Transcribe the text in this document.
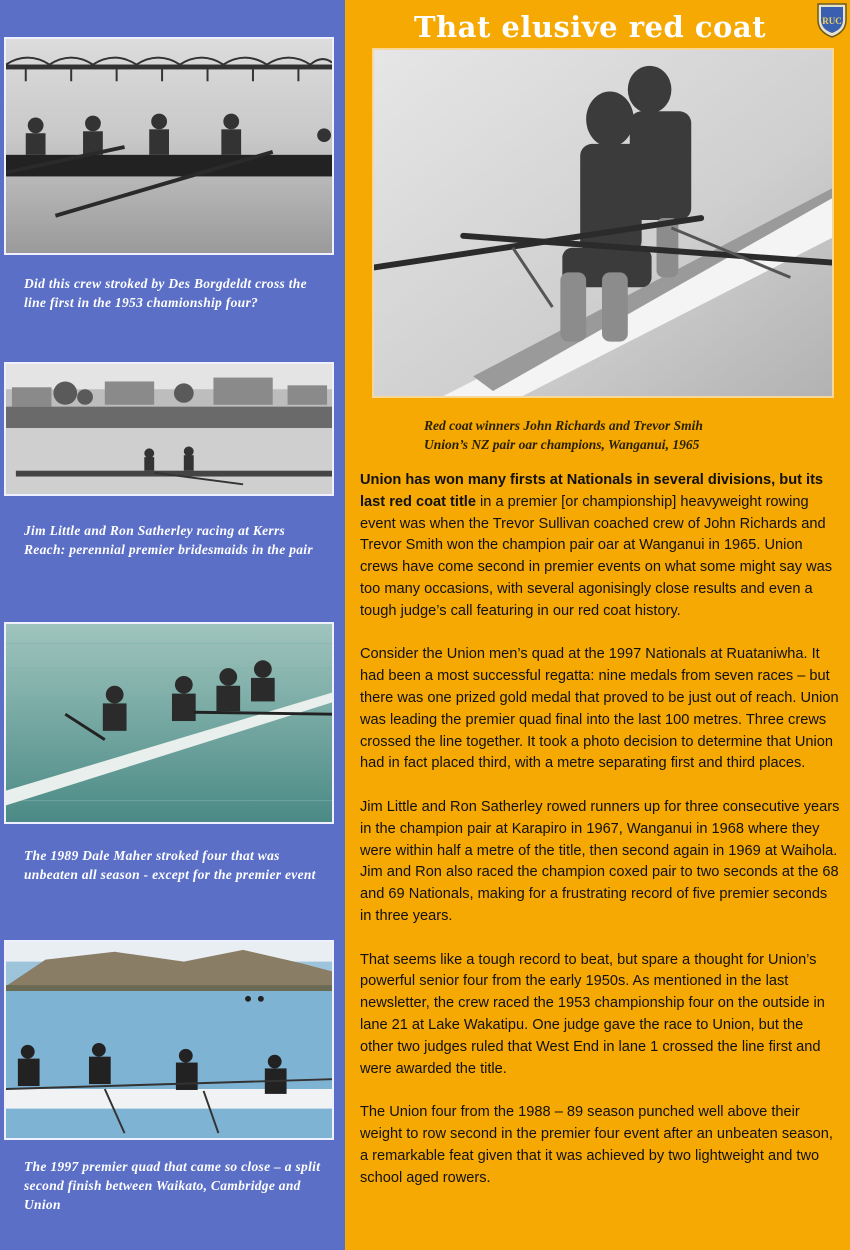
Did this crew stroked by Des Borgdeldt cross the line first in the 1953 chamionship four?
Jim Little and Ron Satherley racing at Kerrs Reach: perennial premier bridesmaids in the pair
The 1989 Dale Maher stroked four that was unbeaten all season - except for the premier event
The 1997 premier quad that came so close – a split second finish between Waikato, Cambridge and Union
That elusive red coat	RUC
Red coat winners John Richards and Trevor Smih
Union’s NZ pair oar champions, Wanganui, 1965

Union has won many firsts at Nationals in several divisions, but its last red coat title in a premier [or championship] heavyweight rowing event was when the Trevor Sullivan coached crew of John Richards and Trevor Smith won the champion pair oar at Wanganui in 1965. Union crews have come second in premier events on what some might say was too many occasions, with several agonisingly close results and even a tough judge’s call featuring in our red coat history.

Consider the Union men’s quad at the 1997 Nationals at Ruataniwha. It had been a most successful regatta: nine medals from seven races – but there was one prized gold medal that proved to be just out of reach. Union was leading the premier quad final into the last 100 metres. Three crews crossed the line together. It took a photo decision to determine that Union had in fact placed third, with a metre separating first and third places.

Jim Little and Ron Satherley rowed runners up for three consecutive years in the champion pair at Karapiro in 1967, Wanganui in 1968 where they were within half a metre of the title, then second again in 1969 at Waihola. Jim and Ron also raced the champion coxed pair to two seconds at the 68 and 69 Nationals, making for a frustrating record of five premier seconds in three years.

That seems like a tough record to beat, but spare a thought for Union’s powerful senior four from the early 1950s. As mentioned in the last newsletter, the crew raced the 1953 championship four on the outside in lane 21 at Lake Wakatipu. One judge gave the race to Union, but the other two judges ruled that West End in lane 1 crossed the line first and were awarded the title.

The Union four from the 1988 – 89 season punched well above their weight to row second in the premier four event after an unbeaten season, a remarkable feat given that it was achieved by two lightweight and two school aged rowers.
